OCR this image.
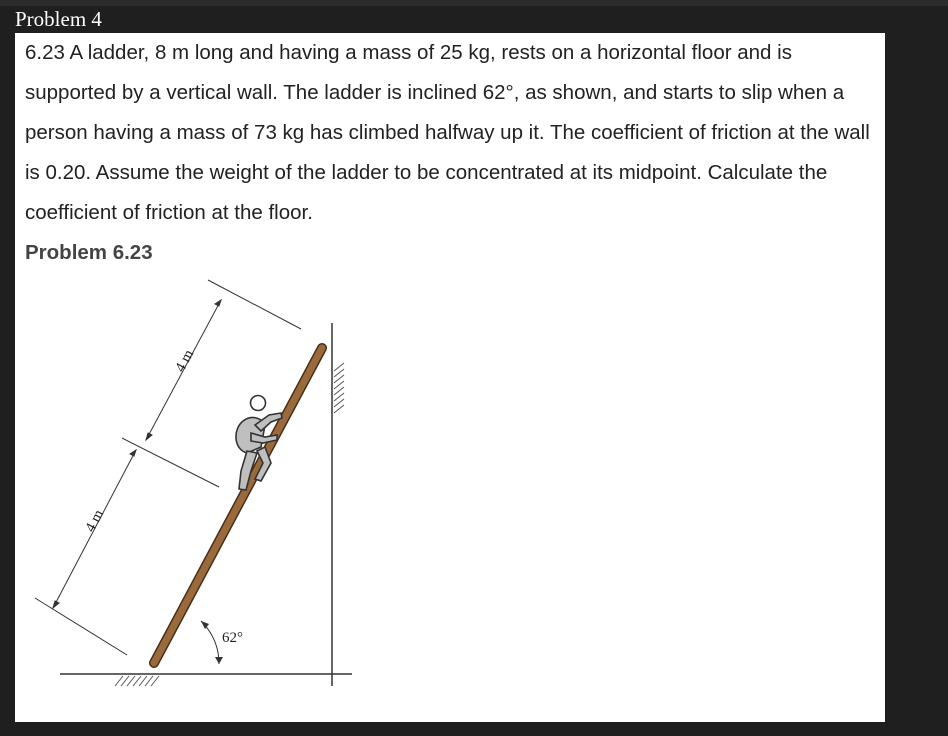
Problem 4

6.23 A ladder, 8 m long and having a mass of 25 kg, rests on a horizontal floor and is supported by a vertical wall. The ladder is inclined 62°, as shown, and starts to slip when a person having a mass of 73 kg has climbed halfway up it. The coefficient of friction at the wall is 0.20. Assume the weight of the ladder to be concentrated at its midpoint. Calculate the coefficient of friction at the floor.

Problem 6.23
4 m
4 m
62°
